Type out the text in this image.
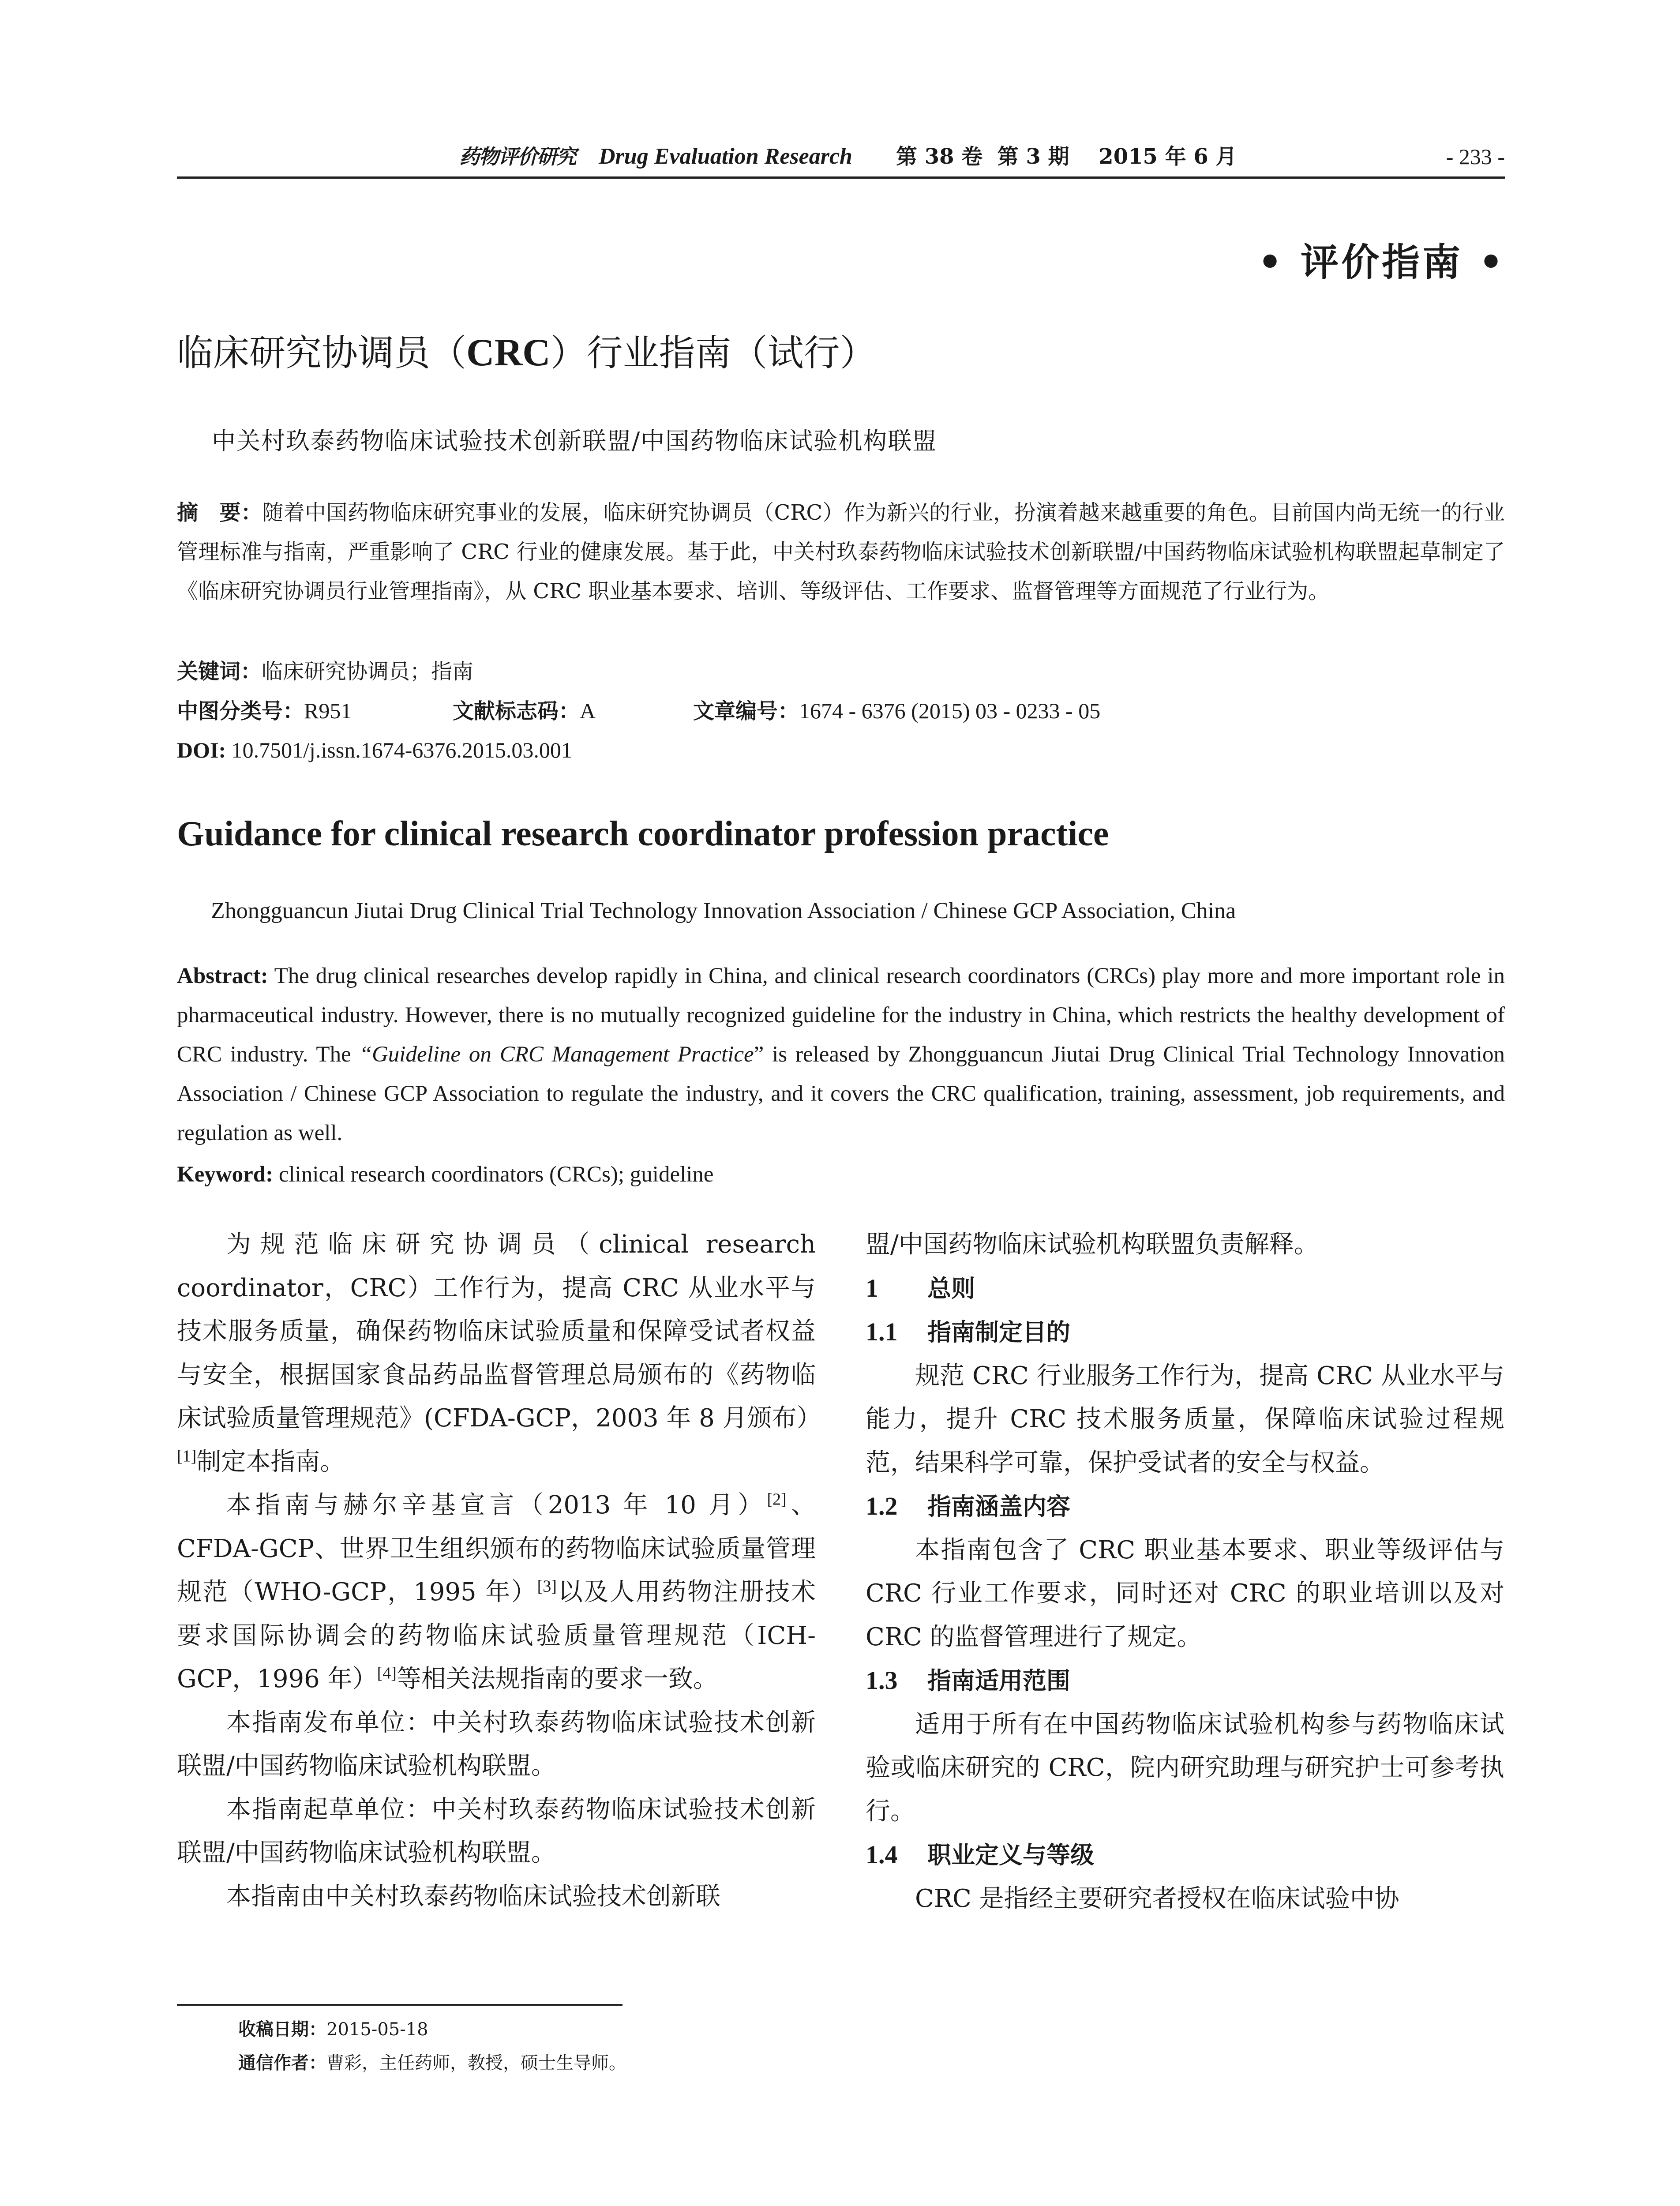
药物评价研究 Drug Evaluation Research 第 38 卷  第 3 期    2015 年 6 月	- 233 -
• 评价指南 •
临床研究协调员（CRC）行业指南（试行）
中关村玖泰药物临床试验技术创新联盟/中国药物临床试验机构联盟
摘　要：随着中国药物临床研究事业的发展，临床研究协调员（CRC）作为新兴的行业，扮演着越来越重要的角色。目前国内尚无统一的行业管理标准与指南，严重影响了 CRC 行业的健康发展。基于此，中关村玖泰药物临床试验技术创新联盟/中国药物临床试验机构联盟起草制定了《临床研究协调员行业管理指南》，从 CRC 职业基本要求、培训、等级评估、工作要求、监督管理等方面规范了行业行为。
关键词：临床研究协调员；指南
中图分类号：R951	文献标志码：A	文章编号：1674 - 6376 (2015) 03 - 0233 - 05
DOI: 10.7501/j.issn.1674-6376.2015.03.001
Guidance for clinical research coordinator profession practice
Zhongguancun Jiutai Drug Clinical Trial Technology Innovation Association / Chinese GCP Association, China
Abstract: The drug clinical researches develop rapidly in China, and clinical research coordinators (CRCs) play more and more important role in pharmaceutical industry. However, there is no mutually recognized guideline for the industry in China, which restricts the healthy development of CRC industry. The “Guideline on CRC Management Practice” is released by Zhongguancun Jiutai Drug Clinical Trial Technology Innovation Association / Chinese GCP Association to regulate the industry, and it covers the CRC qualification, training, assessment, job requirements, and regulation as well.
Keyword: clinical research coordinators (CRCs); guideline

为规范临床研究协调员（clinical research coordinator，CRC）工作行为，提高 CRC 从业水平与技术服务质量，确保药物临床试验质量和保障受试者权益与安全，根据国家食品药品监督管理总局颁布的《药物临床试验质量管理规范》(CFDA-GCP，2003 年 8 月颁布）[1]制定本指南。

本指南与赫尔辛基宣言（2013 年 10 月）[2]、CFDA-GCP、世界卫生组织颁布的药物临床试验质量管理规范（WHO-GCP，1995 年）[3]以及人用药物注册技术要求国际协调会的药物临床试验质量管理规范（ICH-GCP，1996 年）[4]等相关法规指南的要求一致。

本指南发布单位：中关村玖泰药物临床试验技术创新联盟/中国药物临床试验机构联盟。

本指南起草单位：中关村玖泰药物临床试验技术创新联盟/中国药物临床试验机构联盟。

本指南由中关村玖泰药物临床试验技术创新联

盟/中国药物临床试验机构联盟负责解释。

1 总则

1.1 指南制定目的

规范 CRC 行业服务工作行为，提高 CRC 从业水平与能力，提升 CRC 技术服务质量，保障临床试验过程规范，结果科学可靠，保护受试者的安全与权益。

1.2 指南涵盖内容

本指南包含了 CRC 职业基本要求、职业等级评估与 CRC 行业工作要求，同时还对 CRC 的职业培训以及对 CRC 的监督管理进行了规定。

1.3 指南适用范围

适用于所有在中国药物临床试验机构参与药物临床试验或临床研究的 CRC，院内研究助理与研究护士可参考执行。

1.4 职业定义与等级

CRC 是指经主要研究者授权在临床试验中协

收稿日期：2015-05-18
通信作者：曹彩，主任药师，教授，硕士生导师。
